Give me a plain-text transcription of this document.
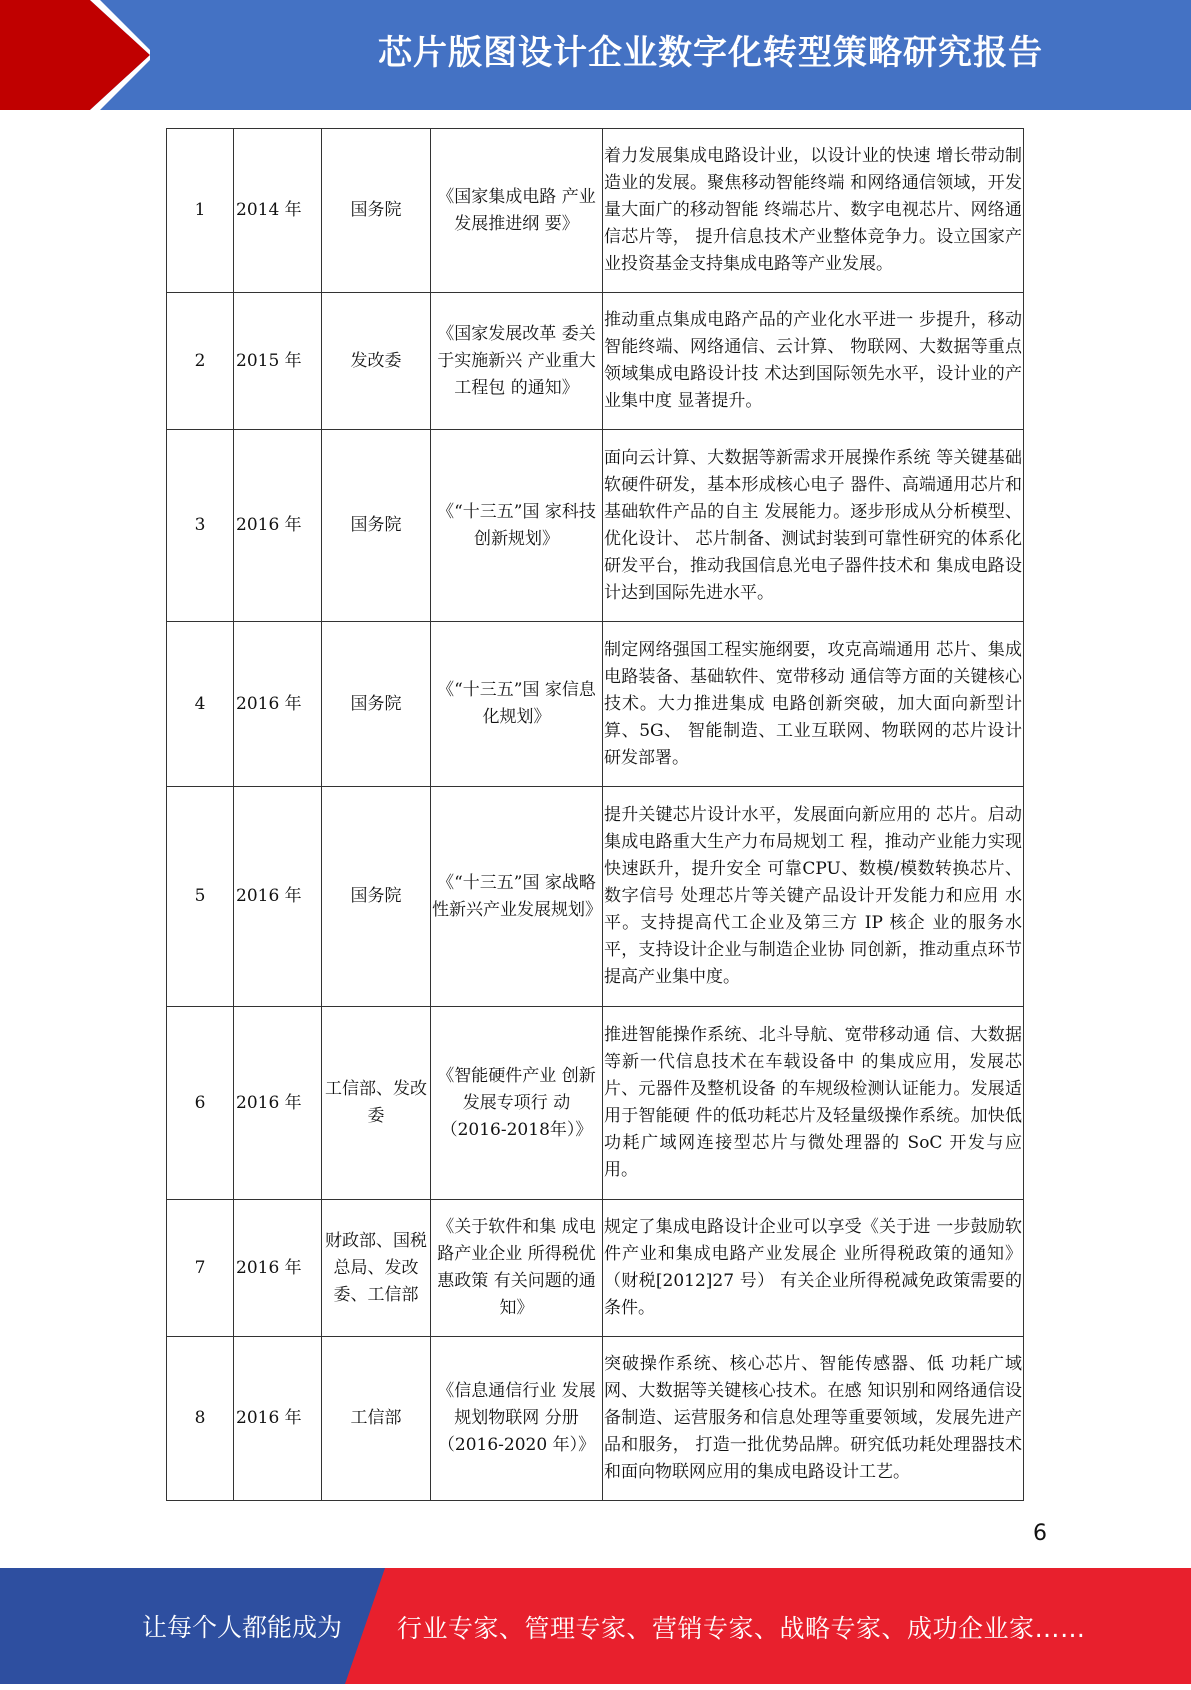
芯片版图设计企业数字化转型策略研究报告
1	2014 年	国务院	《国家集成电路 产业发展推进纲 要》	着力发展集成电路设计业，以设计业的快速 增长带动制造业的发展。聚焦移动智能终端 和网络通信领域，开发量大面广的移动智能 终端芯片、数字电视芯片、网络通信芯片等， 提升信息技术产业整体竞争力。设立国家产 业投资基金支持集成电路等产业发展。
2	2015 年	发改委	《国家发展改革 委关于实施新兴 产业重大工程包 的通知》	推动重点集成电路产品的产业化水平进一 步提升，移动智能终端、网络通信、云计算、 物联网、大数据等重点领域集成电路设计技 术达到国际领先水平，设计业的产业集中度 显著提升。
3	2016 年	国务院	《“十三五”国 家科技创新规划》	面向云计算、大数据等新需求开展操作系统 等关键基础软硬件研发，基本形成核心电子 器件、高端通用芯片和基础软件产品的自主 发展能力。逐步形成从分析模型、优化设计、 芯片制备、测试封装到可靠性研究的体系化 研发平台，推动我国信息光电子器件技术和 集成电路设计达到国际先进水平。
4	2016 年	国务院	《“十三五”国 家信息化规划》	制定网络强国工程实施纲要，攻克高端通用 芯片、集成电路装备、基础软件、宽带移动 通信等方面的关键核心技术。大力推进集成 电路创新突破，加大面向新型计算、5G、 智能制造、工业互联网、物联网的芯片设计 研发部署。
5	2016 年	国务院	《“十三五”国 家战略性新兴产业发展规划》	提升关键芯片设计水平，发展面向新应用的 芯片。启动集成电路重大生产力布局规划工 程，推动产业能力实现快速跃升，提升安全 可靠CPU、数模/模数转换芯片、数字信号 处理芯片等关键产品设计开发能力和应用 水平。支持提高代工企业及第三方 IP 核企 业的服务水平，支持设计企业与制造企业协 同创新，推动重点环节提高产业集中度。
6	2016 年	工信部、发改委	《智能硬件产业 创新发展专项行 动（2016-2018年）》	推进智能操作系统、北斗导航、宽带移动通 信、大数据等新一代信息技术在车载设备中 的集成应用，发展芯片、元器件及整机设备 的车规级检测认证能力。发展适用于智能硬 件的低功耗芯片及轻量级操作系统。加快低 功耗广域网连接型芯片与微处理器的 SoC 开发与应用。
7	2016 年	财政部、国税总局、发改委、工信部	《关于软件和集 成电路产业企业 所得税优惠政策 有关问题的通 知》	规定了集成电路设计企业可以享受《关于进 一步鼓励软件产业和集成电路产业发展企 业所得税政策的通知》（财税[2012]27 号） 有关企业所得税减免政策需要的条件。
8	2016 年	工信部	《信息通信行业 发展规划物联网 分册（2016-2020 年）》	突破操作系统、核心芯片、智能传感器、低 功耗广域网、大数据等关键核心技术。在感 知识别和网络通信设备制造、运营服务和信息处理等重要领域，发展先进产品和服务， 打造一批优势品牌。研究低功耗处理器技术 和面向物联网应用的集成电路设计工艺。
6
让每个人都能成为 行业专家、管理专家、营销专家、战略专家、成功企业家……
